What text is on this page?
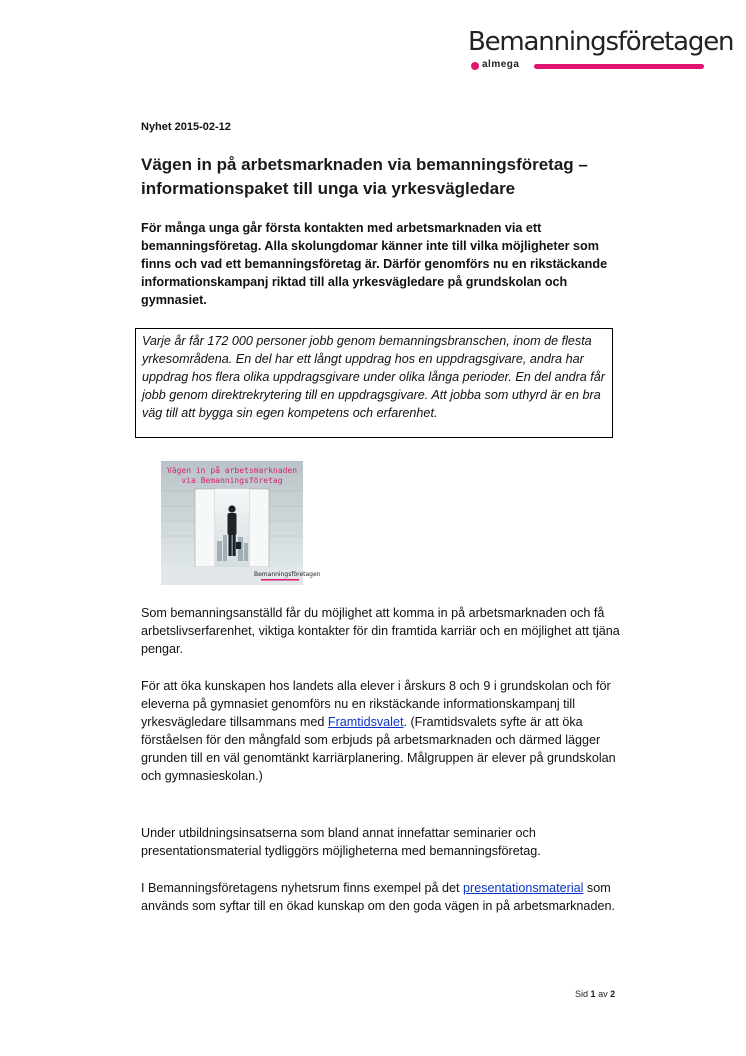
Bemanningsföretagen
almega
Nyhet 2015-02-12
Vägen in på arbetsmarknaden via bemanningsföretag – informationspaket till unga via yrkesvägledare

För många unga går första kontakten med arbetsmarknaden via ett bemanningsföretag. Alla skolungdomar känner inte till vilka möjligheter som finns och vad ett bemanningsföretag är. Därför genomförs nu en rikstäckande informationskampanj riktad till alla yrkesvägledare på grundskolan och gymnasiet.

Varje år får 172 000 personer jobb genom bemanningsbranschen, inom de flesta yrkesområdena. En del har ett långt uppdrag hos en uppdragsgivare, andra har uppdrag hos flera olika uppdragsgivare under olika långa perioder. En del andra får jobb genom direktrekrytering till en uppdragsgivare. Att jobba som uthyrd är en bra väg till att bygga sin egen kompetens och erfarenhet.
Vägen in på arbetsmarknaden
via Bemanningsföretag
Bemanningsföretagen

Som bemanningsanställd får du möjlighet att komma in på arbetsmarknaden och få arbetslivserfarenhet, viktiga kontakter för din framtida karriär och en möjlighet att tjäna pengar.

För att öka kunskapen hos landets alla elever i årskurs 8 och 9 i grundskolan och för eleverna på gymnasiet genomförs nu en rikstäckande informationskampanj till yrkesvägledare tillsammans med Framtidsvalet. (Framtidsvalets syfte är att öka förståelsen för den mångfald som erbjuds på arbetsmarknaden och därmed lägger grunden till en väl genomtänkt karriärplanering. Målgruppen är elever på grundskolan och gymnasieskolan.)

Under utbildningsinsatserna som bland annat innefattar seminarier och presentationsmaterial tydliggörs möjligheterna med bemanningsföretag.

I Bemanningsföretagens nyhetsrum finns exempel på det presentationsmaterial som används som syftar till en ökad kunskap om den goda vägen in på arbetsmarknaden.

Sid 1 av 2
